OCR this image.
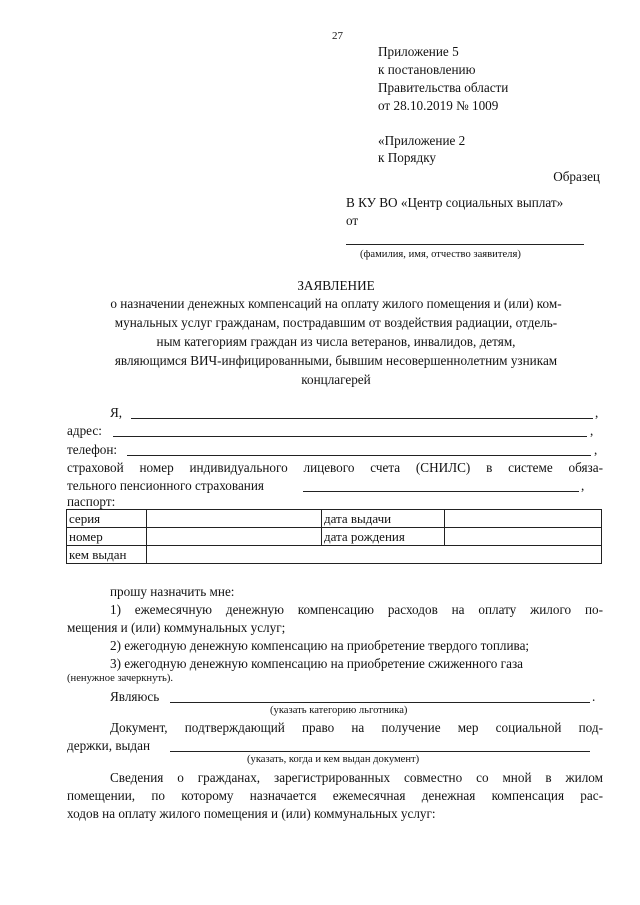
27
Приложение 5
к постановлению
Правительства области
от 28.10.2019 № 1009
«Приложение 2
к Порядку
Образец
В КУ ВО «Центр социальных выплат»
от
(фамилия, имя, отчество заявителя)
ЗАЯВЛЕНИЕ
о назначении денежных компенсаций на оплату жилого помещения и (или) ком-
мунальных услуг гражданам, пострадавшим от воздействия радиации, отдель-
ным категориям граждан из числа ветеранов, инвалидов, детям,
являющимся ВИЧ-инфицированными, бывшим несовершеннолетним узникам
концлагерей
Я,	,
адрес:	,
телефон:	,
страховой номер индивидуального лицевого счета (СНИЛС) в системе обяза-
тельного пенсионного страхования	,
паспорт:
серия		дата выдачи	
номер		дата рождения	
кем выдан			
прошу назначить мне:
1) ежемесячную денежную компенсацию расходов на оплату жилого по-
мещения и (или) коммунальных услуг;
2) ежегодную денежную компенсацию на приобретение твердого топлива;
3) ежегодную денежную компенсацию на приобретение сжиженного газа
(ненужное зачеркнуть).
Являюсь	.
(указать категорию льготника)
Документ, подтверждающий право на получение мер социальной под-
держки, выдан
(указать, когда и кем выдан документ)
Сведения о гражданах, зарегистрированных совместно со мной в жилом
помещении, по которому назначается ежемесячная денежная компенсация рас-
ходов на оплату жилого помещения и (или) коммунальных услуг:
